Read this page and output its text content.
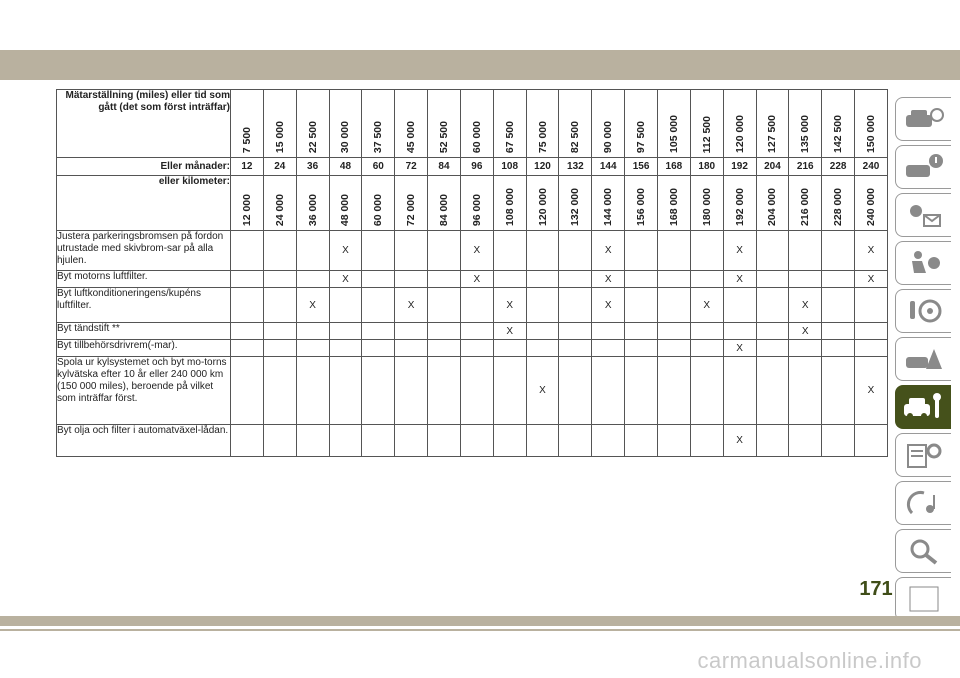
Mätarställning (miles) eller tid som gått (det som först inträffar)	7 500	15 000	22 500	30 000	37 500	45 000	52 500	60 000	67 500	75 000	82 500	90 000	97 500	105 000	112 500	120 000	127 500	135 000	142 500	150 000

Eller månader:	12	24	36	48	60	72	84	96	108	120	132	144	156	168	180	192	204	216	228	240
eller kilometer:	12 000	24 000	36 000	48 000	60 000	72 000	84 000	96 000	108 000	120 000	132 000	144 000	156 000	168 000	180 000	192 000	204 000	216 000	228 000	240 000

Justera parkeringsbromsen på fordon utrustade med skivbrom-sar på alla hjulen.				X				X				X				X				X
Byt motorns luftfilter.				X				X				X				X				X
Byt luftkonditioneringens/kupéns luftfilter.			X			X			X			X			X			X		
Byt tändstift **									X									X		
Byt tillbehörsdrivrem(-mar).																X				
Spola ur kylsystemet och byt mo-torns kylvätska efter 10 år eller 240 000 km (150 000 miles), beroende på vilket som inträffar först.										X										X
Byt olja och filter i automatväxel-lådan.																X				
171
carmanualsonline.info
